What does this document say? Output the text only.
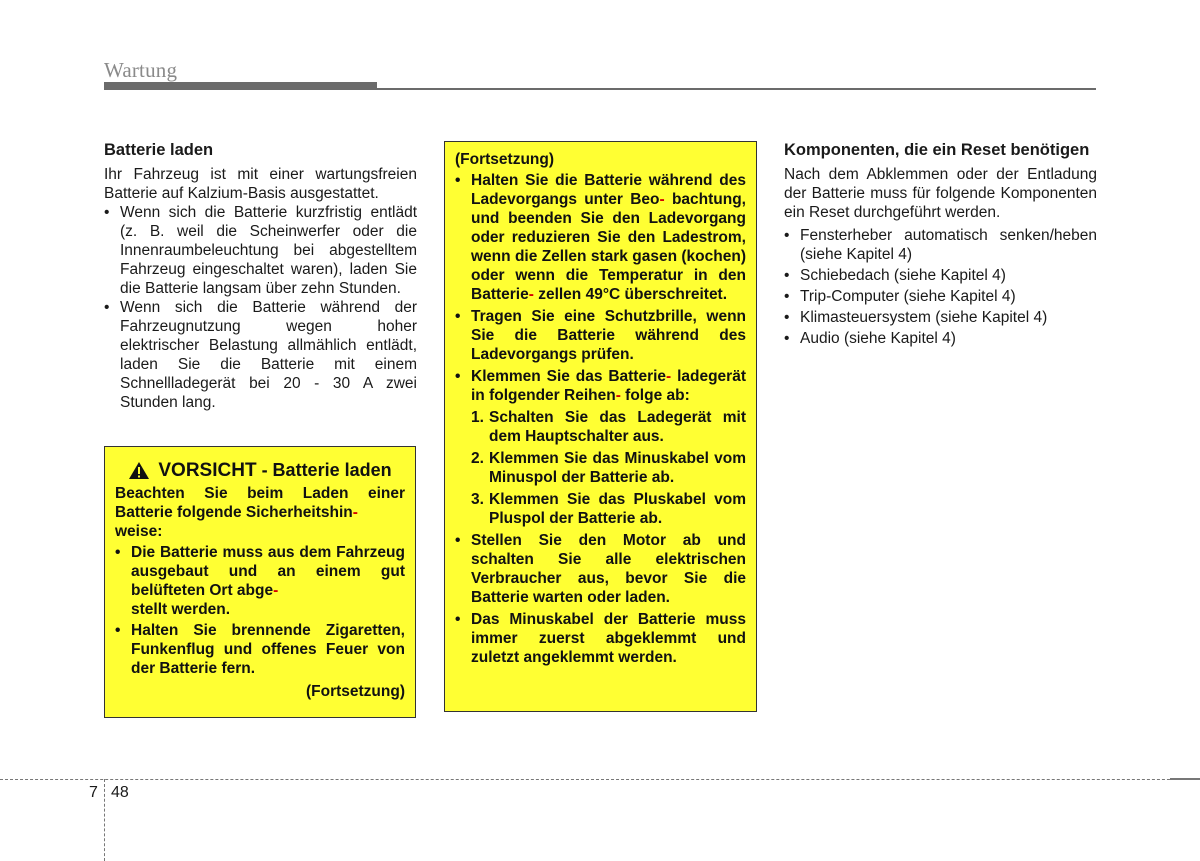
Wartung
Batterie laden

Ihr Fahrzeug ist mit einer wartungsfreien Batterie auf Kalzium-Basis ausgestattet.

• Wenn sich die Batterie kurzfristig entlädt (z. B. weil die Scheinwerfer oder die Innenraumbeleuchtung bei abgestelltem Fahrzeug eingeschaltet waren), laden Sie die Batterie langsam über zehn Stunden.
• Wenn sich die Batterie während der Fahrzeugnutzung wegen hoher elektrischer Belastung allmählich entlädt, laden Sie die Batterie mit einem Schnellladegerät bei 20 - 30 A zwei Stunden lang.
VORSICHT - Batterie laden

Beachten Sie beim Laden einer Batterie folgende Sicherheitshin-
weise:

• Die Batterie muss aus dem Fahrzeug ausgebaut und an einem gut belüfteten Ort abge-
stellt werden.
• Halten Sie brennende Zigaretten, Funkenflug und offenes Feuer von der Batterie fern.
(Fortsetzung)
(Fortsetzung)
• Halten Sie die Batterie während des Ladevorgangs unter Beo- bachtung, und beenden Sie den Ladevorgang oder reduzieren Sie den Ladestrom, wenn die Zellen stark gasen (kochen) oder wenn die Temperatur in den Batterie- zellen 49°C überschreitet.
• Tragen Sie eine Schutzbrille, wenn Sie die Batterie während des Ladevorgangs prüfen.
• Klemmen Sie das Batterie- ladegerät in folgender Reihen- folge ab:
1. Schalten Sie das Ladegerät mit dem Hauptschalter aus.
2. Klemmen Sie das Minuskabel vom Minuspol der Batterie ab.
3. Klemmen Sie das Pluskabel vom Pluspol der Batterie ab.
• Stellen Sie den Motor ab und schalten Sie alle elektrischen Verbraucher aus, bevor Sie die Batterie warten oder laden.
• Das Minuskabel der Batterie muss immer zuerst abgeklemmt und zuletzt angeklemmt werden.
Komponenten, die ein Reset benötigen

Nach dem Abklemmen oder der Entladung der Batterie muss für folgende Komponenten ein Reset durchgeführt werden.

• Fensterheber automatisch senken/heben (siehe Kapitel 4)
• Schiebedach (siehe Kapitel 4)
• Trip-Computer (siehe Kapitel 4)
• Klimasteuersystem (siehe Kapitel 4)
• Audio (siehe Kapitel 4)
7 48
